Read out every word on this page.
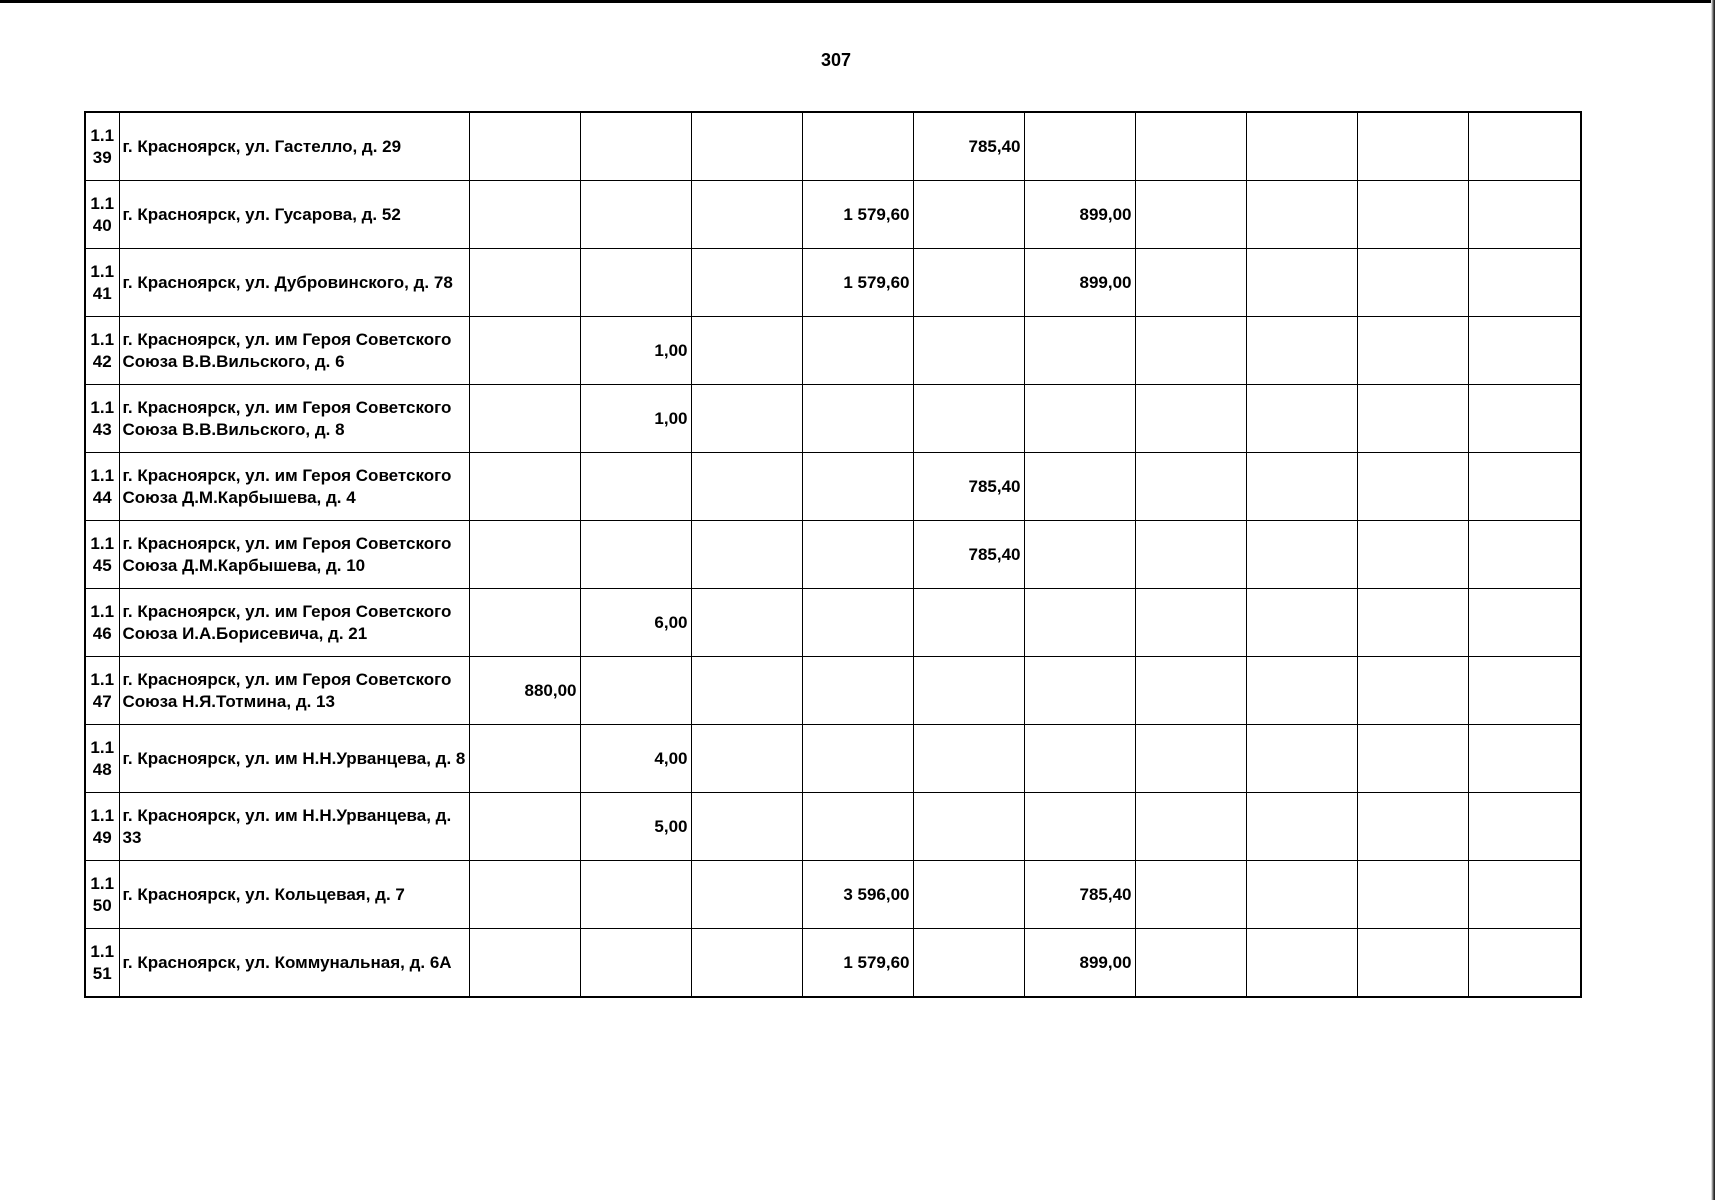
307
1.1 39	г. Красноярск, ул. Гастелло, д. 29					785,40					
1.1 40	г. Красноярск, ул. Гусарова, д. 52				1 579,60		899,00				
1.1 41	г. Красноярск, ул. Дубровинского, д. 78				1 579,60		899,00				
1.1 42	г. Красноярск, ул. им Героя Советского Союза В.В.Вильского, д. 6		1,00								
1.1 43	г. Красноярск, ул. им Героя Советского Союза В.В.Вильского, д. 8		1,00								
1.1 44	г. Красноярск, ул. им Героя Советского Союза Д.М.Карбышева, д. 4					785,40					
1.1 45	г. Красноярск, ул. им Героя Советского Союза Д.М.Карбышева, д. 10					785,40					
1.1 46	г. Красноярск, ул. им Героя Советского Союза И.А.Борисевича, д. 21		6,00								
1.1 47	г. Красноярск, ул. им Героя Советского Союза Н.Я.Тотмина, д. 13	880,00									
1.1 48	г. Красноярск, ул. им Н.Н.Урванцева, д. 8		4,00								
1.1 49	г. Красноярск, ул. им Н.Н.Урванцева, д. 33		5,00								
1.1 50	г. Красноярск, ул. Кольцевая, д. 7				3 596,00		785,40				
1.1 51	г. Красноярск, ул. Коммунальная, д. 6А				1 579,60		899,00				
